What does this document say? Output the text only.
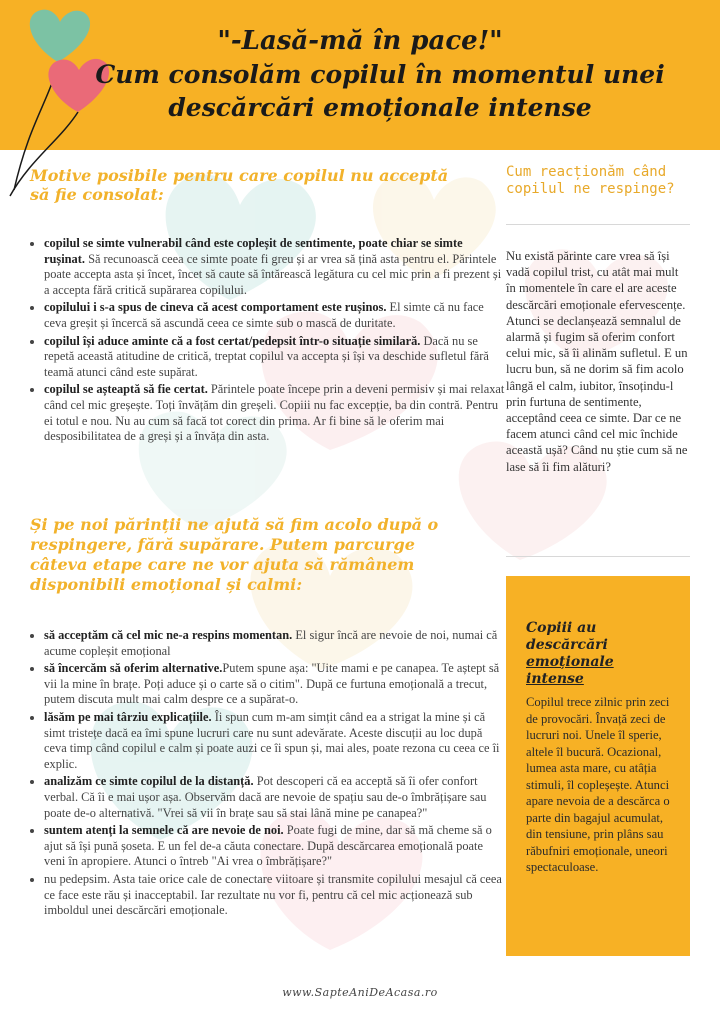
"-Lasă-mă în pace!"
Cum consolăm copilul în momentul unei descărcări emoționale intense
Motive posibile pentru care copilul nu acceptă să fie consolat:
• copilul se simte vulnerabil când este copleșit de sentimente, poate chiar se simte rușinat. Să recunoască ceea ce simte poate fi greu și ar vrea să țină asta pentru el. Părintele poate accepta asta și încet, încet să caute să întărească legătura cu cel mic prin a fi prezent și a accepta fără critică supărarea copilului.
• copilului i s-a spus de cineva că acest comportament este rușinos. El simte că nu face ceva greșit și încercă să ascundă ceea ce simte sub o mască de duritate.
• copilul își aduce aminte că a fost certat/pedepsit într-o situație similară. Dacă nu se repetă această atitudine de critică, treptat copilul va accepta și își va deschide sufletul fără teamă atunci când este supărat.
• copilul se așteaptă să fie certat. Părintele poate începe prin a deveni permisiv și mai relaxat când cel mic greșește. Toți învățăm din greșeli. Copiii nu fac excepție, ba din contră. Pentru ei totul e nou. Nu au cum să facă tot corect din prima. Ar fi bine să le oferim mai desposibilitatea de a greși și a învăța din asta.
Și pe noi părinții ne ajută să fim acolo după o respingere, fără supărare. Putem parcurge câteva etape care ne vor ajuta să rămânem disponibili emoțional și calmi:
• să acceptăm că cel mic ne-a respins momentan. El sigur încă are nevoie de noi, numai că acume copleșit emoțional
• să încercăm să oferim alternative.Putem spune așa: "Uite mami e pe canapea. Te aștept să vii la mine în brațe. Poți aduce și o carte să o citim". După ce furtuna emoțională a trecut, putem discuta mult mai calm despre ce a supărat-o.
• lăsăm pe mai târziu explicațiile. Îi spun cum m-am simțit când ea a strigat la mine și că simt tristețe dacă ea îmi spune lucruri care nu sunt adevărate. Aceste discuții au loc după ceva timp când copilul e calm și poate auzi ce îi spun și, mai ales, poate rezona cu ceea ce îi explic.
• analizăm ce simte copilul de la distanță. Pot descoperi că ea acceptă să îi ofer confort verbal. Că îi e mai ușor așa. Observăm dacă are nevoie de spațiu sau de-o îmbrățișare sau poate de-o alternativă. "Vrei să vii în brațe sau să stai lână mine pe canapea?"
• suntem atenți la semnele că are nevoie de noi. Poate fugi de mine, dar să mă cheme să o ajut să își pună șoseta. E un fel de-a căuta conectare. După descărcarea emoțională poate veni în apropiere. Atunci o întreb "Ai vrea o îmbrățișare?"
• nu pedepsim. Asta taie orice cale de conectare viitoare și transmite copilului mesajul că ceea ce face este rău și inacceptabil. Iar rezultate nu vor fi, pentru că cel mic acționează sub imboldul unei descărcări emoționale.
Cum reacționăm când copilul ne respinge?
Nu există părinte care vrea să își vadă copilul trist, cu atât mai mult în momentele în care el are aceste descărcări emoționale efervescențe. Atunci se declanșează semnalul de alarmă și fugim să oferim confort celui mic, să îi alinăm sufletul. E un lucru bun, să ne dorim să fim acolo lângă el calm, iubitor, însoțindu-l prin furtuna de sentimente, acceptând ceea ce simte. Dar ce ne facem atunci când cel mic închide această ușă? Când nu știe cum să ne lase să îi fim alături?
Copiii au
descărcări
emoționale intense
Copilul trece zilnic prin zeci de provocări. Învață zeci de lucruri noi. Unele îl sperie, altele îl bucură. Ocazional, lumea asta mare, cu atâția stimuli, îl copleșește. Atunci apare nevoia de a descărca o parte din bagajul acumulat, din tensiune, prin plâns sau răbufniri emoționale, uneori spectaculoase.
www.SapteAniDeAcasa.ro
